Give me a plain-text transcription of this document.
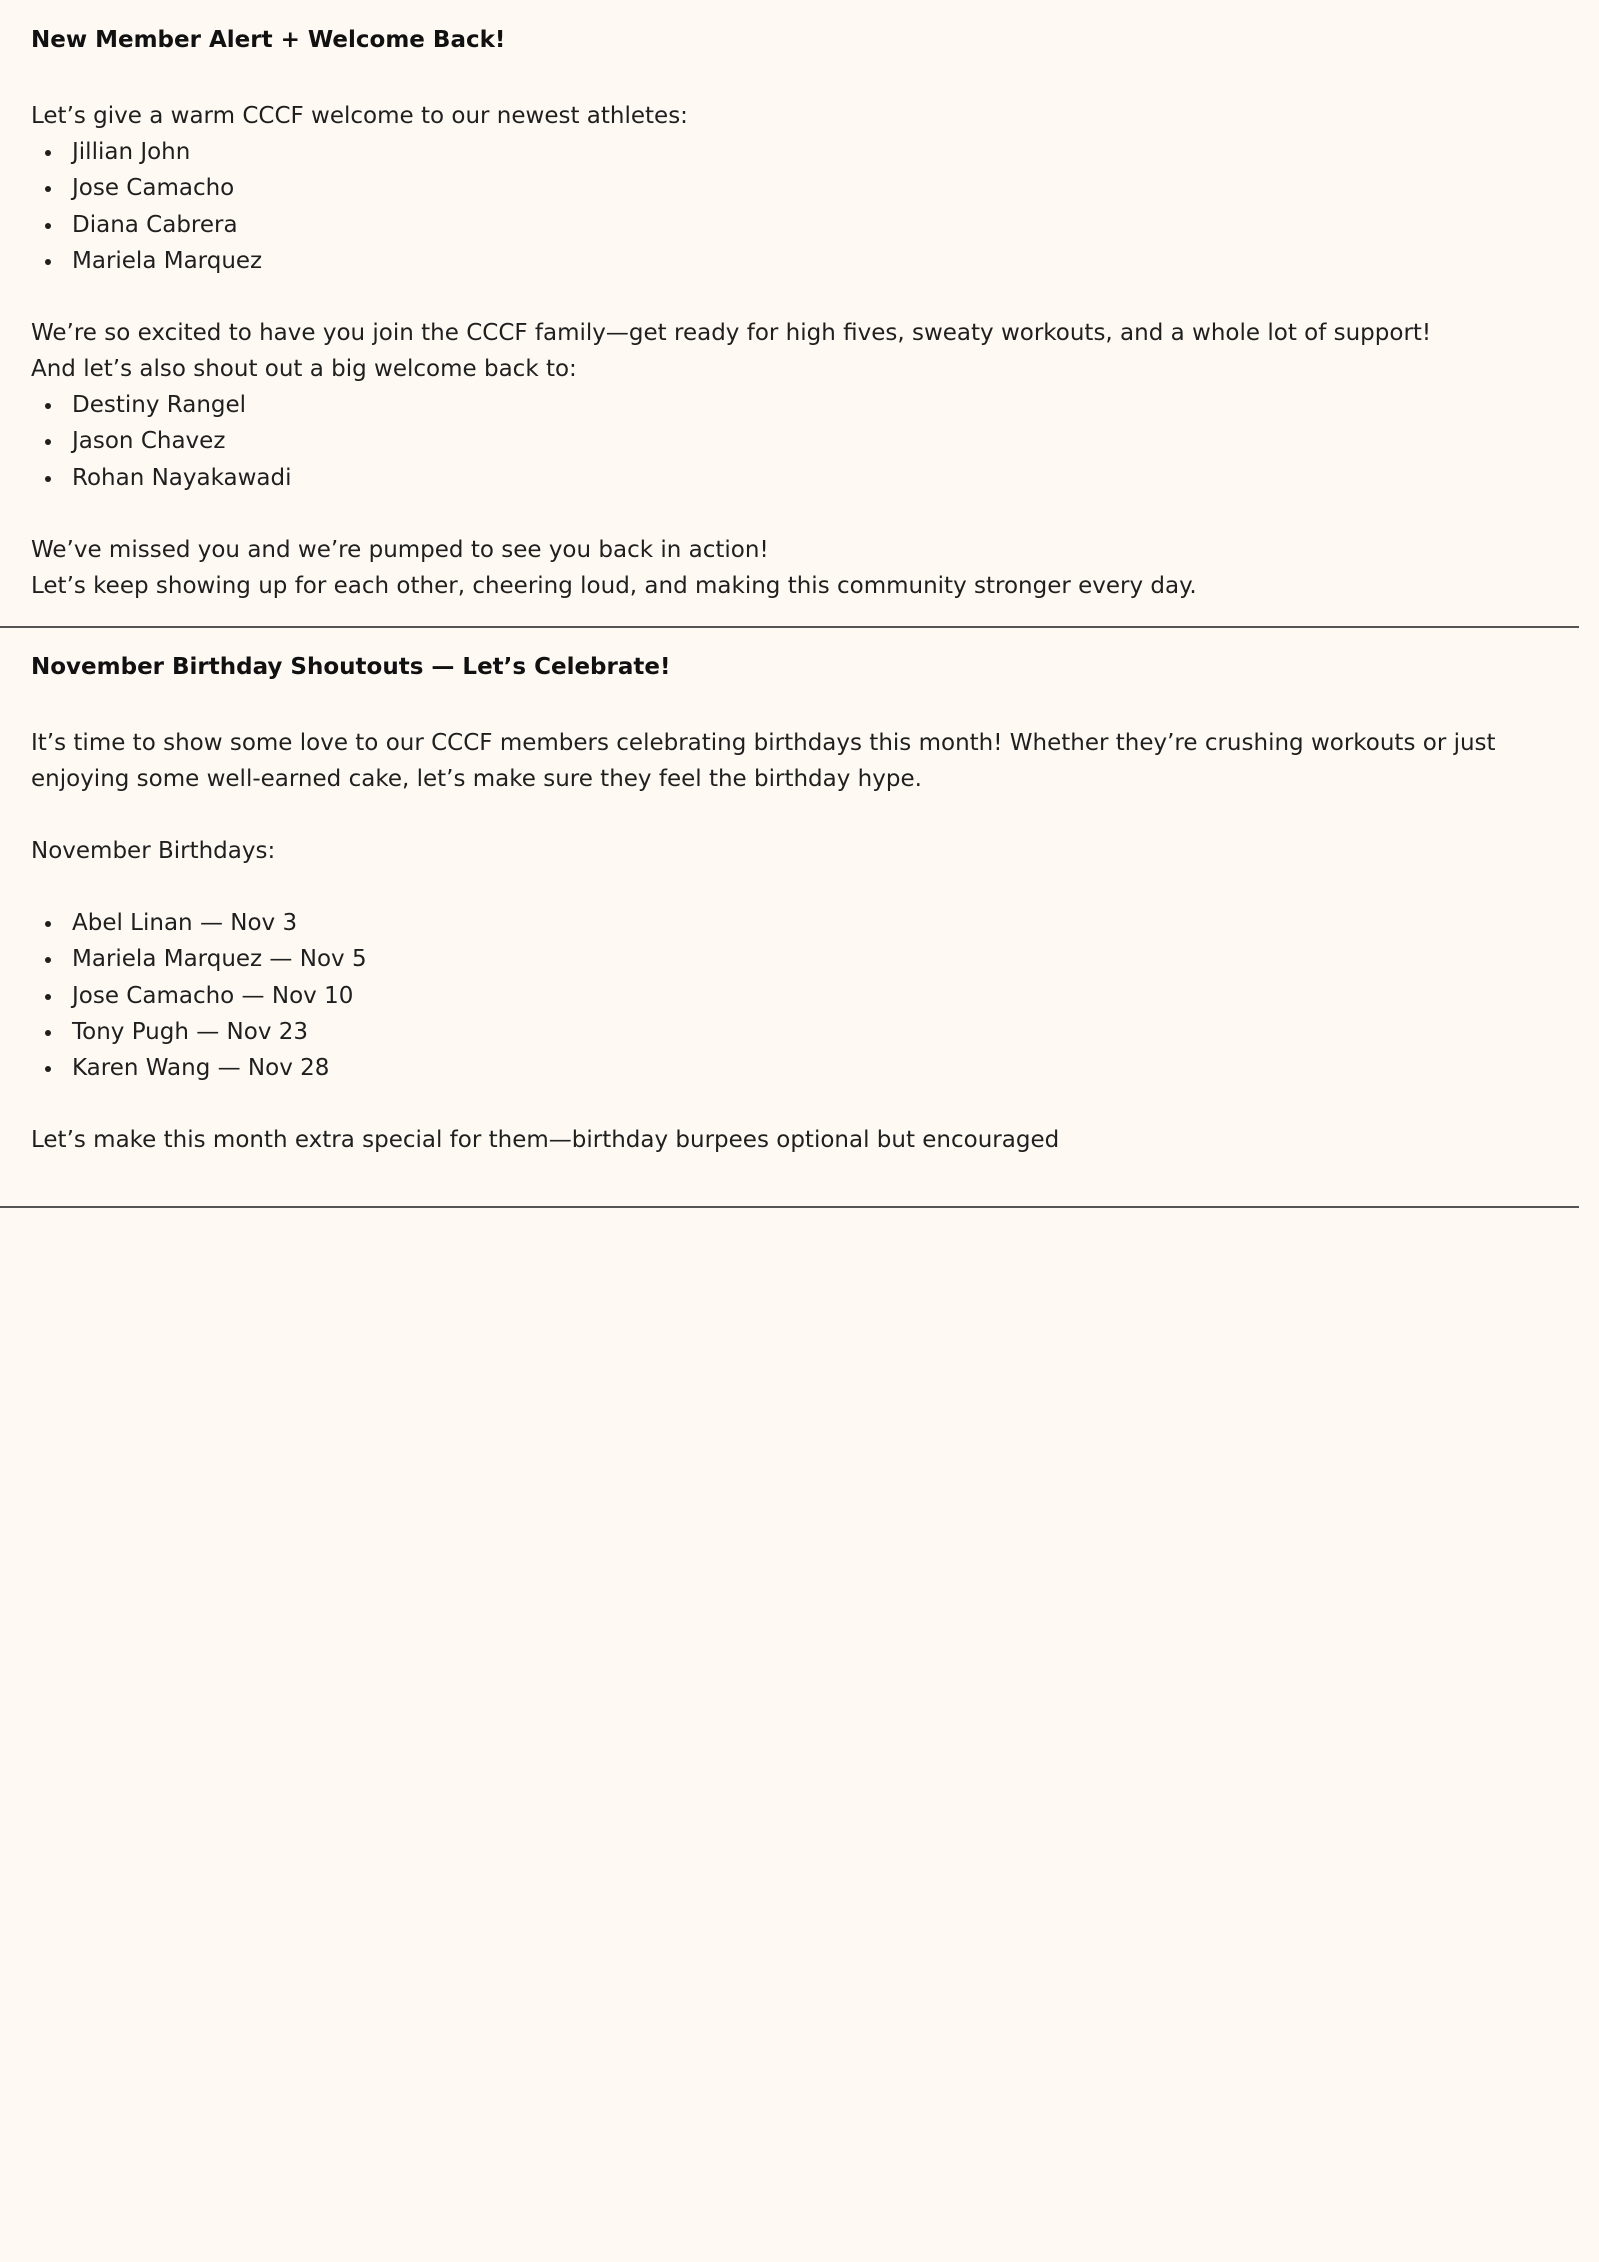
New Member Alert + Welcome Back!

Let’s give a warm CCCF welcome to our newest athletes:

Jillian John
Jose Camacho
Diana Cabrera
Mariela Marquez

We’re so excited to have you join the CCCF family—get ready for high fives, sweaty workouts, and a whole lot of support!

And let’s also shout out a big welcome back to:

Destiny Rangel
Jason Chavez
Rohan Nayakawadi

We’ve missed you and we’re pumped to see you back in action!

Let’s keep showing up for each other, cheering loud, and making this community stronger every day.

November Birthday Shoutouts — Let’s Celebrate!

It’s time to show some love to our CCCF members celebrating birthdays this month! Whether they’re crushing workouts or just enjoying some well-earned cake, let’s make sure they feel the birthday hype.

November Birthdays:

Abel Linan — Nov 3
Mariela Marquez — Nov 5
Jose Camacho — Nov 10
Tony Pugh — Nov 23
Karen Wang — Nov 28

Let’s make this month extra special for them—birthday burpees optional but encouraged
